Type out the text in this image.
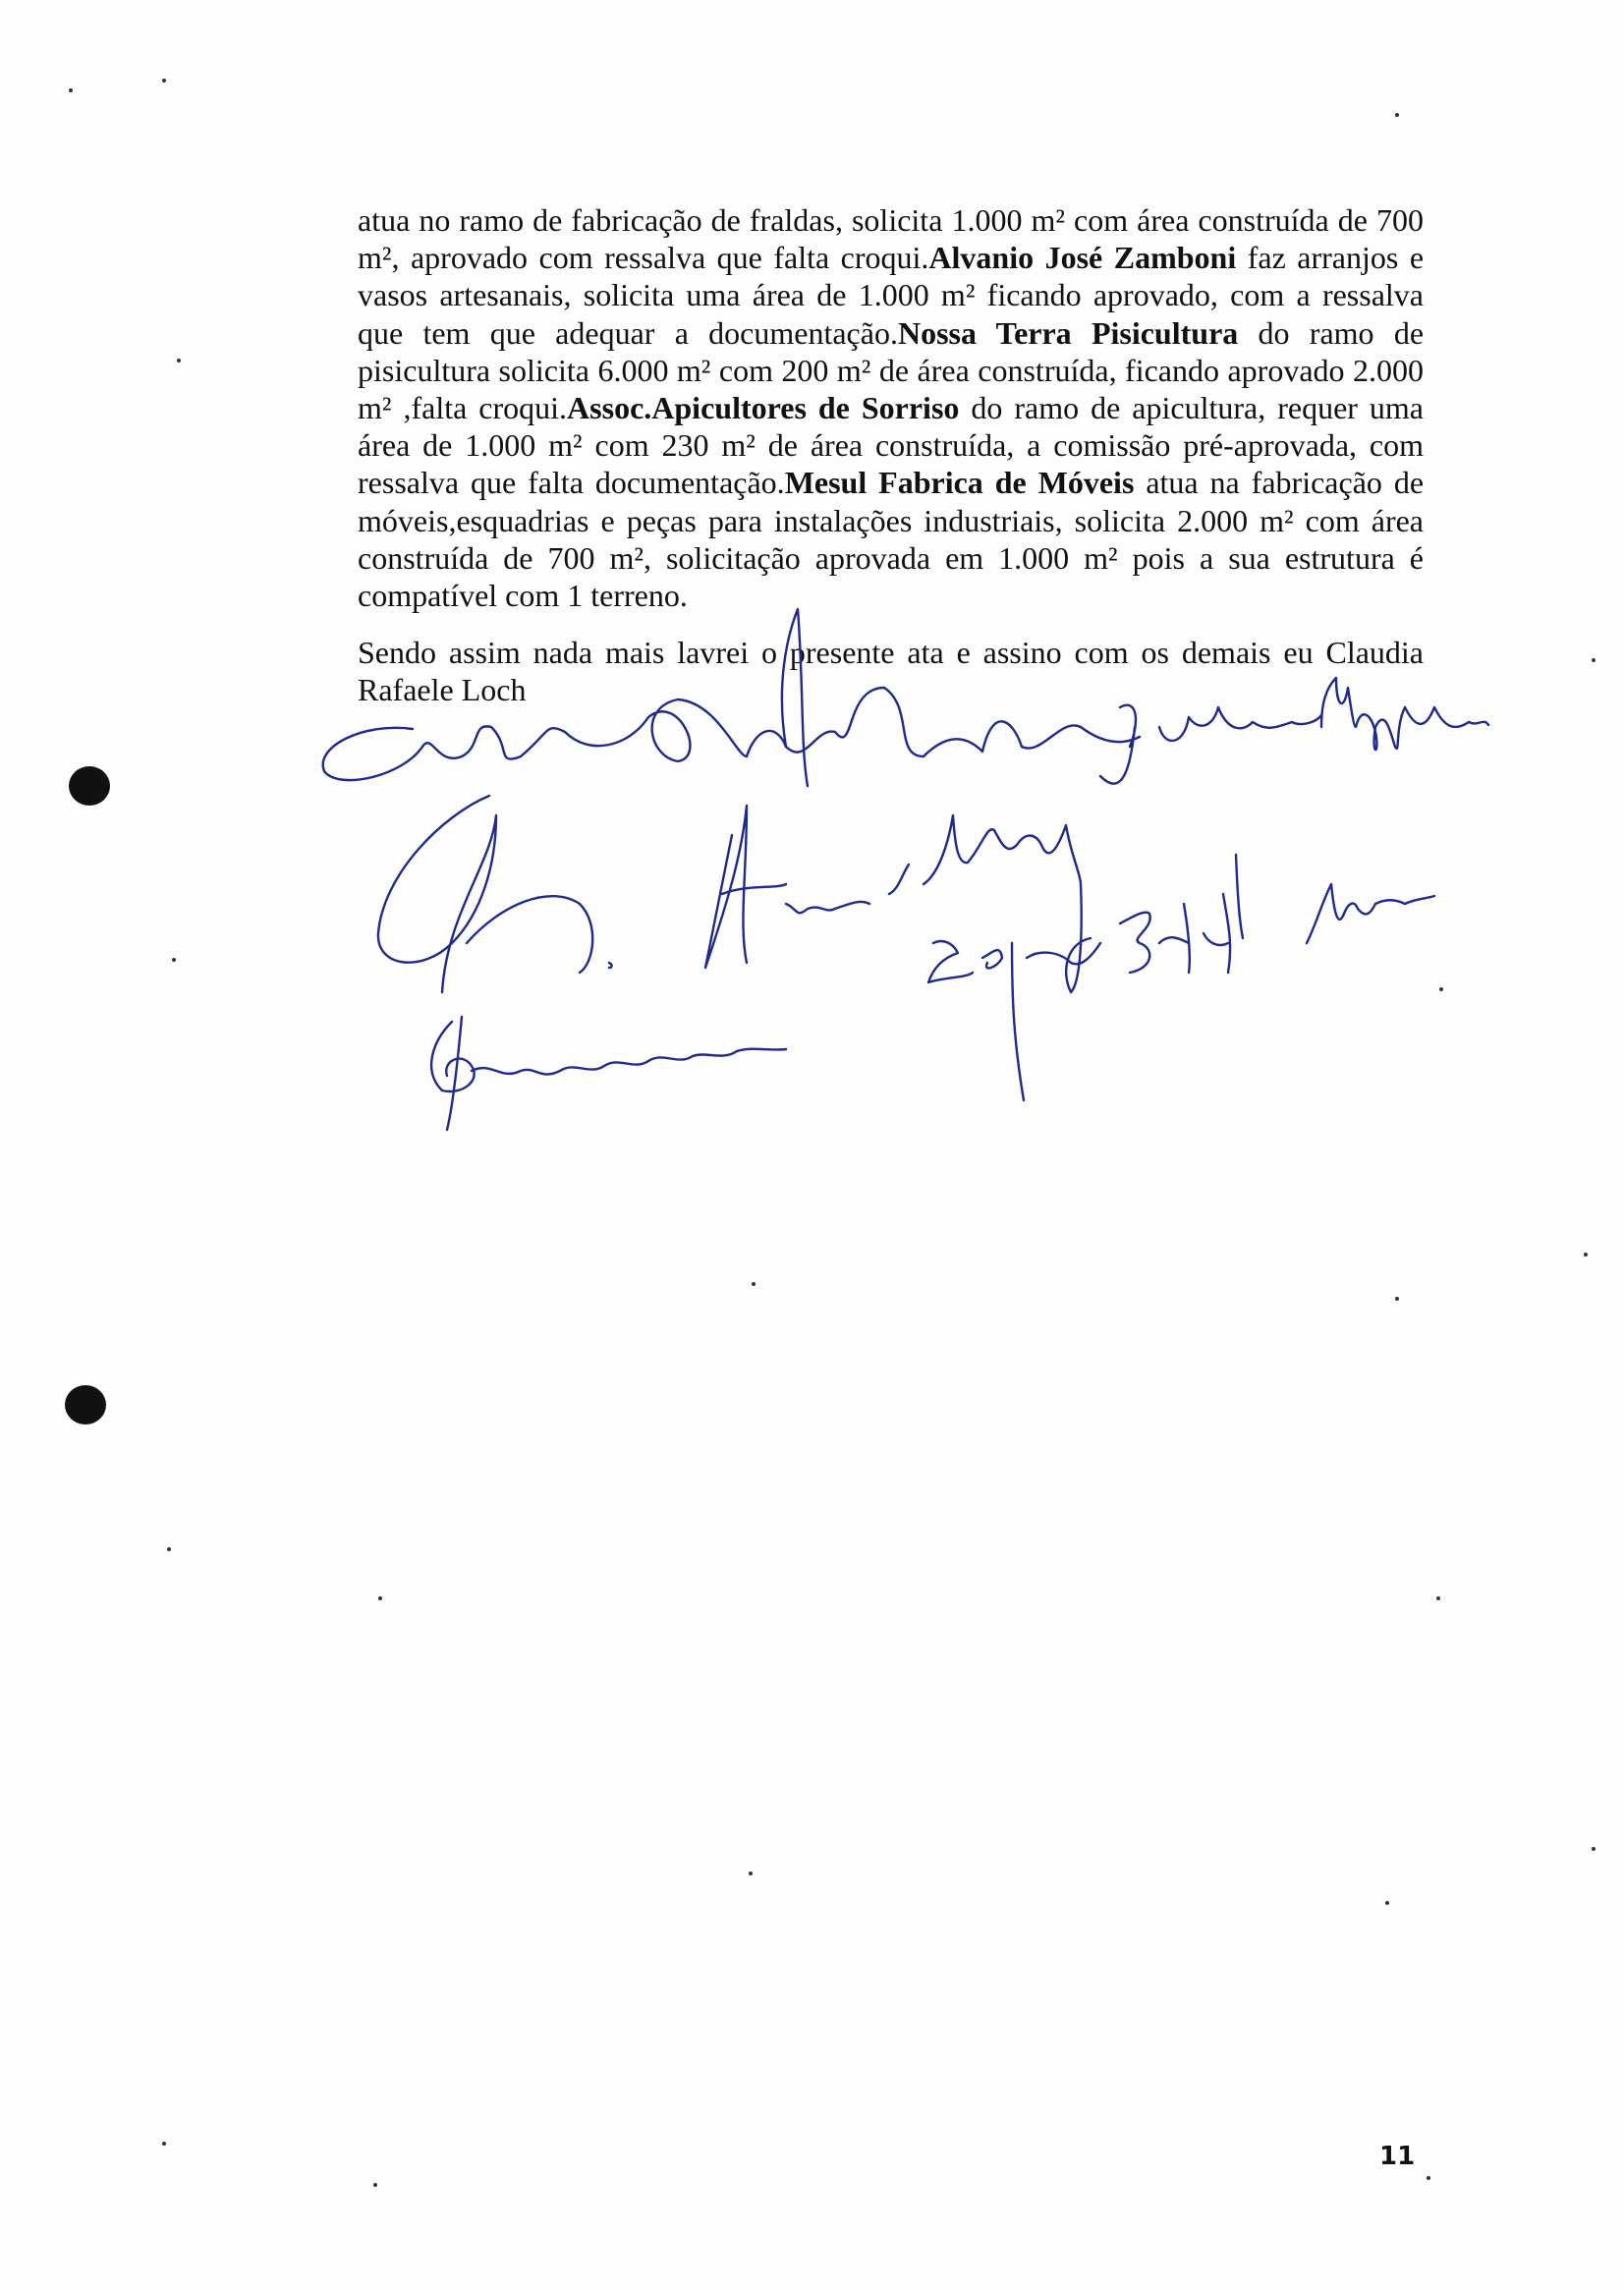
atua no ramo de fabricação de fraldas, solicita 1.000 m² com área construída de 700 m², aprovado com ressalva que falta croqui.Alvanio José Zamboni faz arranjos e vasos artesanais, solicita uma área de 1.000 m² ficando aprovado, com a ressalva que tem que adequar a documentação.Nossa Terra Pisicultura do ramo de pisicultura solicita 6.000 m² com 200 m² de área construída, ficando aprovado 2.000 m² ,falta croqui.Assoc.Apicultores de Sorriso do ramo de apicultura, requer uma área de 1.000 m² com 230 m² de área construída, a comissão pré-aprovada, com ressalva que falta documentação.Mesul Fabrica de Móveis atua na fabricação de móveis,esquadrias e peças para instalações industriais, solicita 2.000 m² com área construída de 700 m², solicitação aprovada em 1.000 m² pois a sua estrutura é compatível com 1 terreno.

Sendo assim nada mais lavrei o presente ata e assino com os demais eu Claudia Rafaele Loch

11
